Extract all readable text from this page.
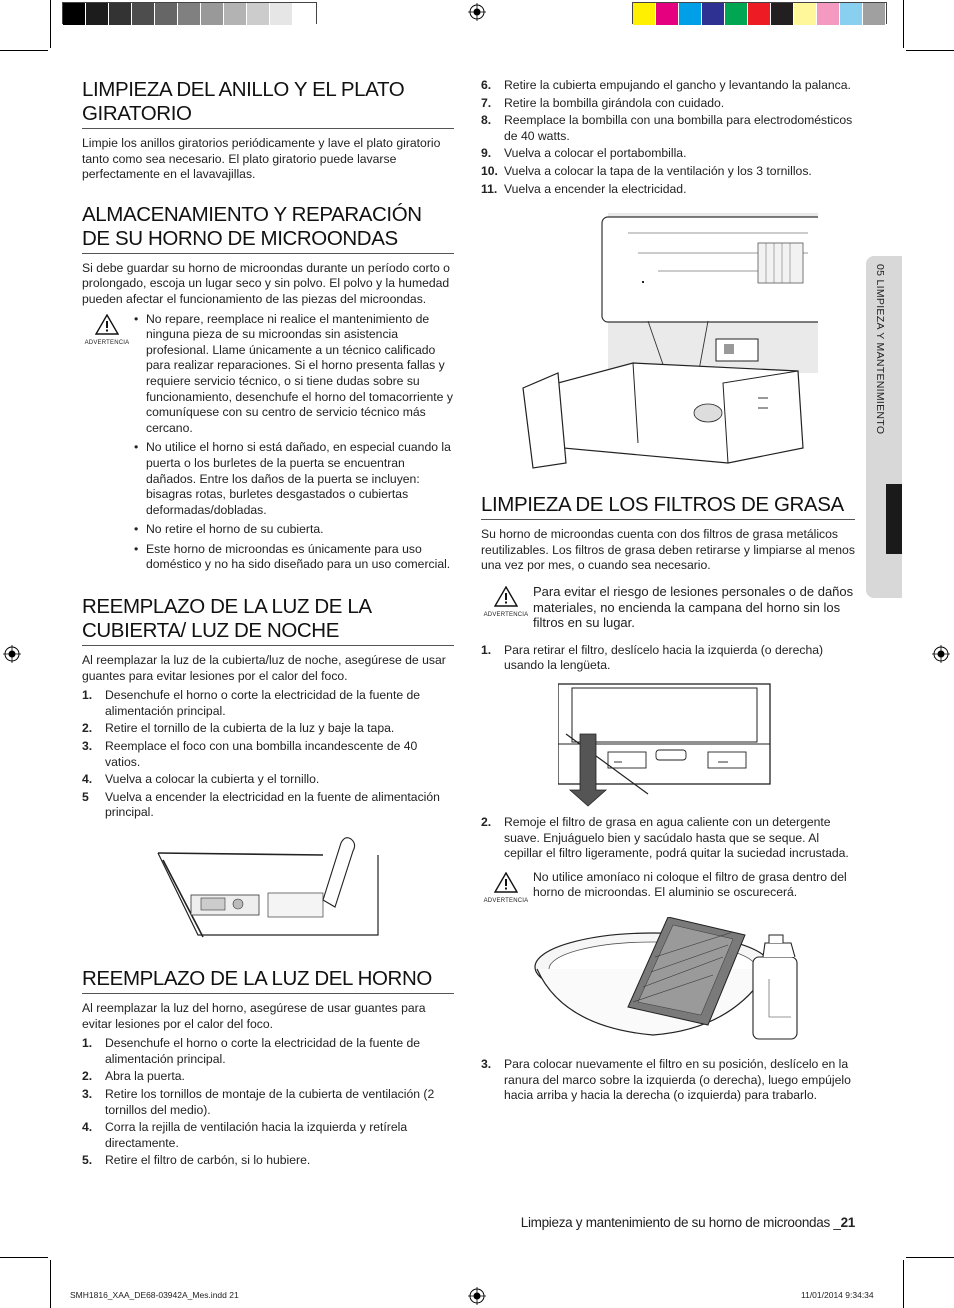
LIMPIEZA DEL ANILLO Y EL PLATO GIRATORIO

Limpie los anillos giratorios periódicamente y lave el plato giratorio tanto como sea necesario. El plato giratorio puede lavarse perfectamente en el lavavajillas.

ALMACENAMIENTO Y REPARACIÓN DE SU HORNO DE MICROONDAS

Si debe guardar su horno de microondas durante un período corto o prolongado, escoja un lugar seco y sin polvo. El polvo y la humedad pueden afectar el funcionamiento de las piezas del microondas.

ADVERTENCIA
• No repare, reemplace ni realice el mantenimiento de ninguna pieza de su microondas sin asistencia profesional. Llame únicamente a un técnico calificado para realizar reparaciones. Si el horno presenta fallas y requiere servicio técnico, o si tiene dudas sobre su funcionamiento, desenchufe el horno del tomacorriente y comuníquese con su centro de servicio técnico más cercano.
• No utilice el horno si está dañado, en especial cuando la puerta o los burletes de la puerta se encuentran dañados. Entre los daños de la puerta se incluyen: bisagras rotas, burletes desgastados o cubiertas deformadas/dobladas.
• No retire el horno de su cubierta.
• Este horno de microondas es únicamente para uso doméstico y no ha sido diseñado para un uso comercial.
REEMPLAZO DE LA LUZ DE LA CUBIERTA/ LUZ DE NOCHE

Al reemplazar la luz de la cubierta/luz de noche, asegúrese de usar guantes para evitar lesiones por el calor del foco.

1. Desenchufe el horno o corte la electricidad de la fuente de alimentación principal.
2. Retire el tornillo de la cubierta de la luz y baje la tapa.
3. Reemplace el foco con una bombilla incandescente de 40 vatios.
4. Vuelva a colocar la cubierta y el tornillo.
5 Vuelva a encender la electricidad en la fuente de alimentación principal.
REEMPLAZO DE LA LUZ DEL HORNO

Al reemplazar la luz del horno, asegúrese de usar guantes para evitar lesiones por el calor del foco.

1. Desenchufe el horno o corte la electricidad de la fuente de alimentación principal.
2. Abra la puerta.
3. Retire los tornillos de montaje de la cubierta de ventilación (2 tornillos del medio).
4. Corra la rejilla de ventilación hacia la izquierda y retírela directamente.
5. Retire el filtro de carbón, si lo hubiere.
6. Retire la cubierta empujando el gancho y levantando la palanca.
7. Retire la bombilla girándola con cuidado.
8. Reemplace la bombilla con una bombilla para electrodomésticos de 40 watts.
9. Vuelva a colocar el portabombilla.
10. Vuelva a colocar la tapa de la ventilación y los 3 tornillos.
11. Vuelva a encender la electricidad.
LIMPIEZA DE LOS FILTROS DE GRASA

Su horno de microondas cuenta con dos filtros de grasa metálicos reutilizables. Los filtros de grasa deben retirarse y limpiarse al menos una vez por mes, o cuando sea necesario.

ADVERTENCIA

Para evitar el riesgo de lesiones personales o de daños materiales, no encienda la campana del horno sin los filtros en su lugar.

1. Para retirar el filtro, deslícelo hacia la izquierda (o derecha) usando la lengüeta.
2. Remoje el filtro de grasa en agua caliente con un detergente suave. Enjuáguelo bien y sacúdalo hasta que se seque. Al cepillar el filtro ligeramente, podrá quitar la suciedad incrustada.
ADVERTENCIA

No utilice amoníaco ni coloque el filtro de grasa dentro del horno de microondas. El aluminio se oscurecerá.

3. Para colocar nuevamente el filtro en su posición, deslícelo en la ranura del marco sobre la izquierda (o derecha), luego empújelo hacia arriba y hacia la derecha (o izquierda) para trabarlo.
05 LIMPIEZA Y MANTENIMIENTO
Limpieza y mantenimiento de su horno de microondas _21
SMH1816_XAA_DE68-03942A_Mes.indd 21	11/01/2014 9:34:34
